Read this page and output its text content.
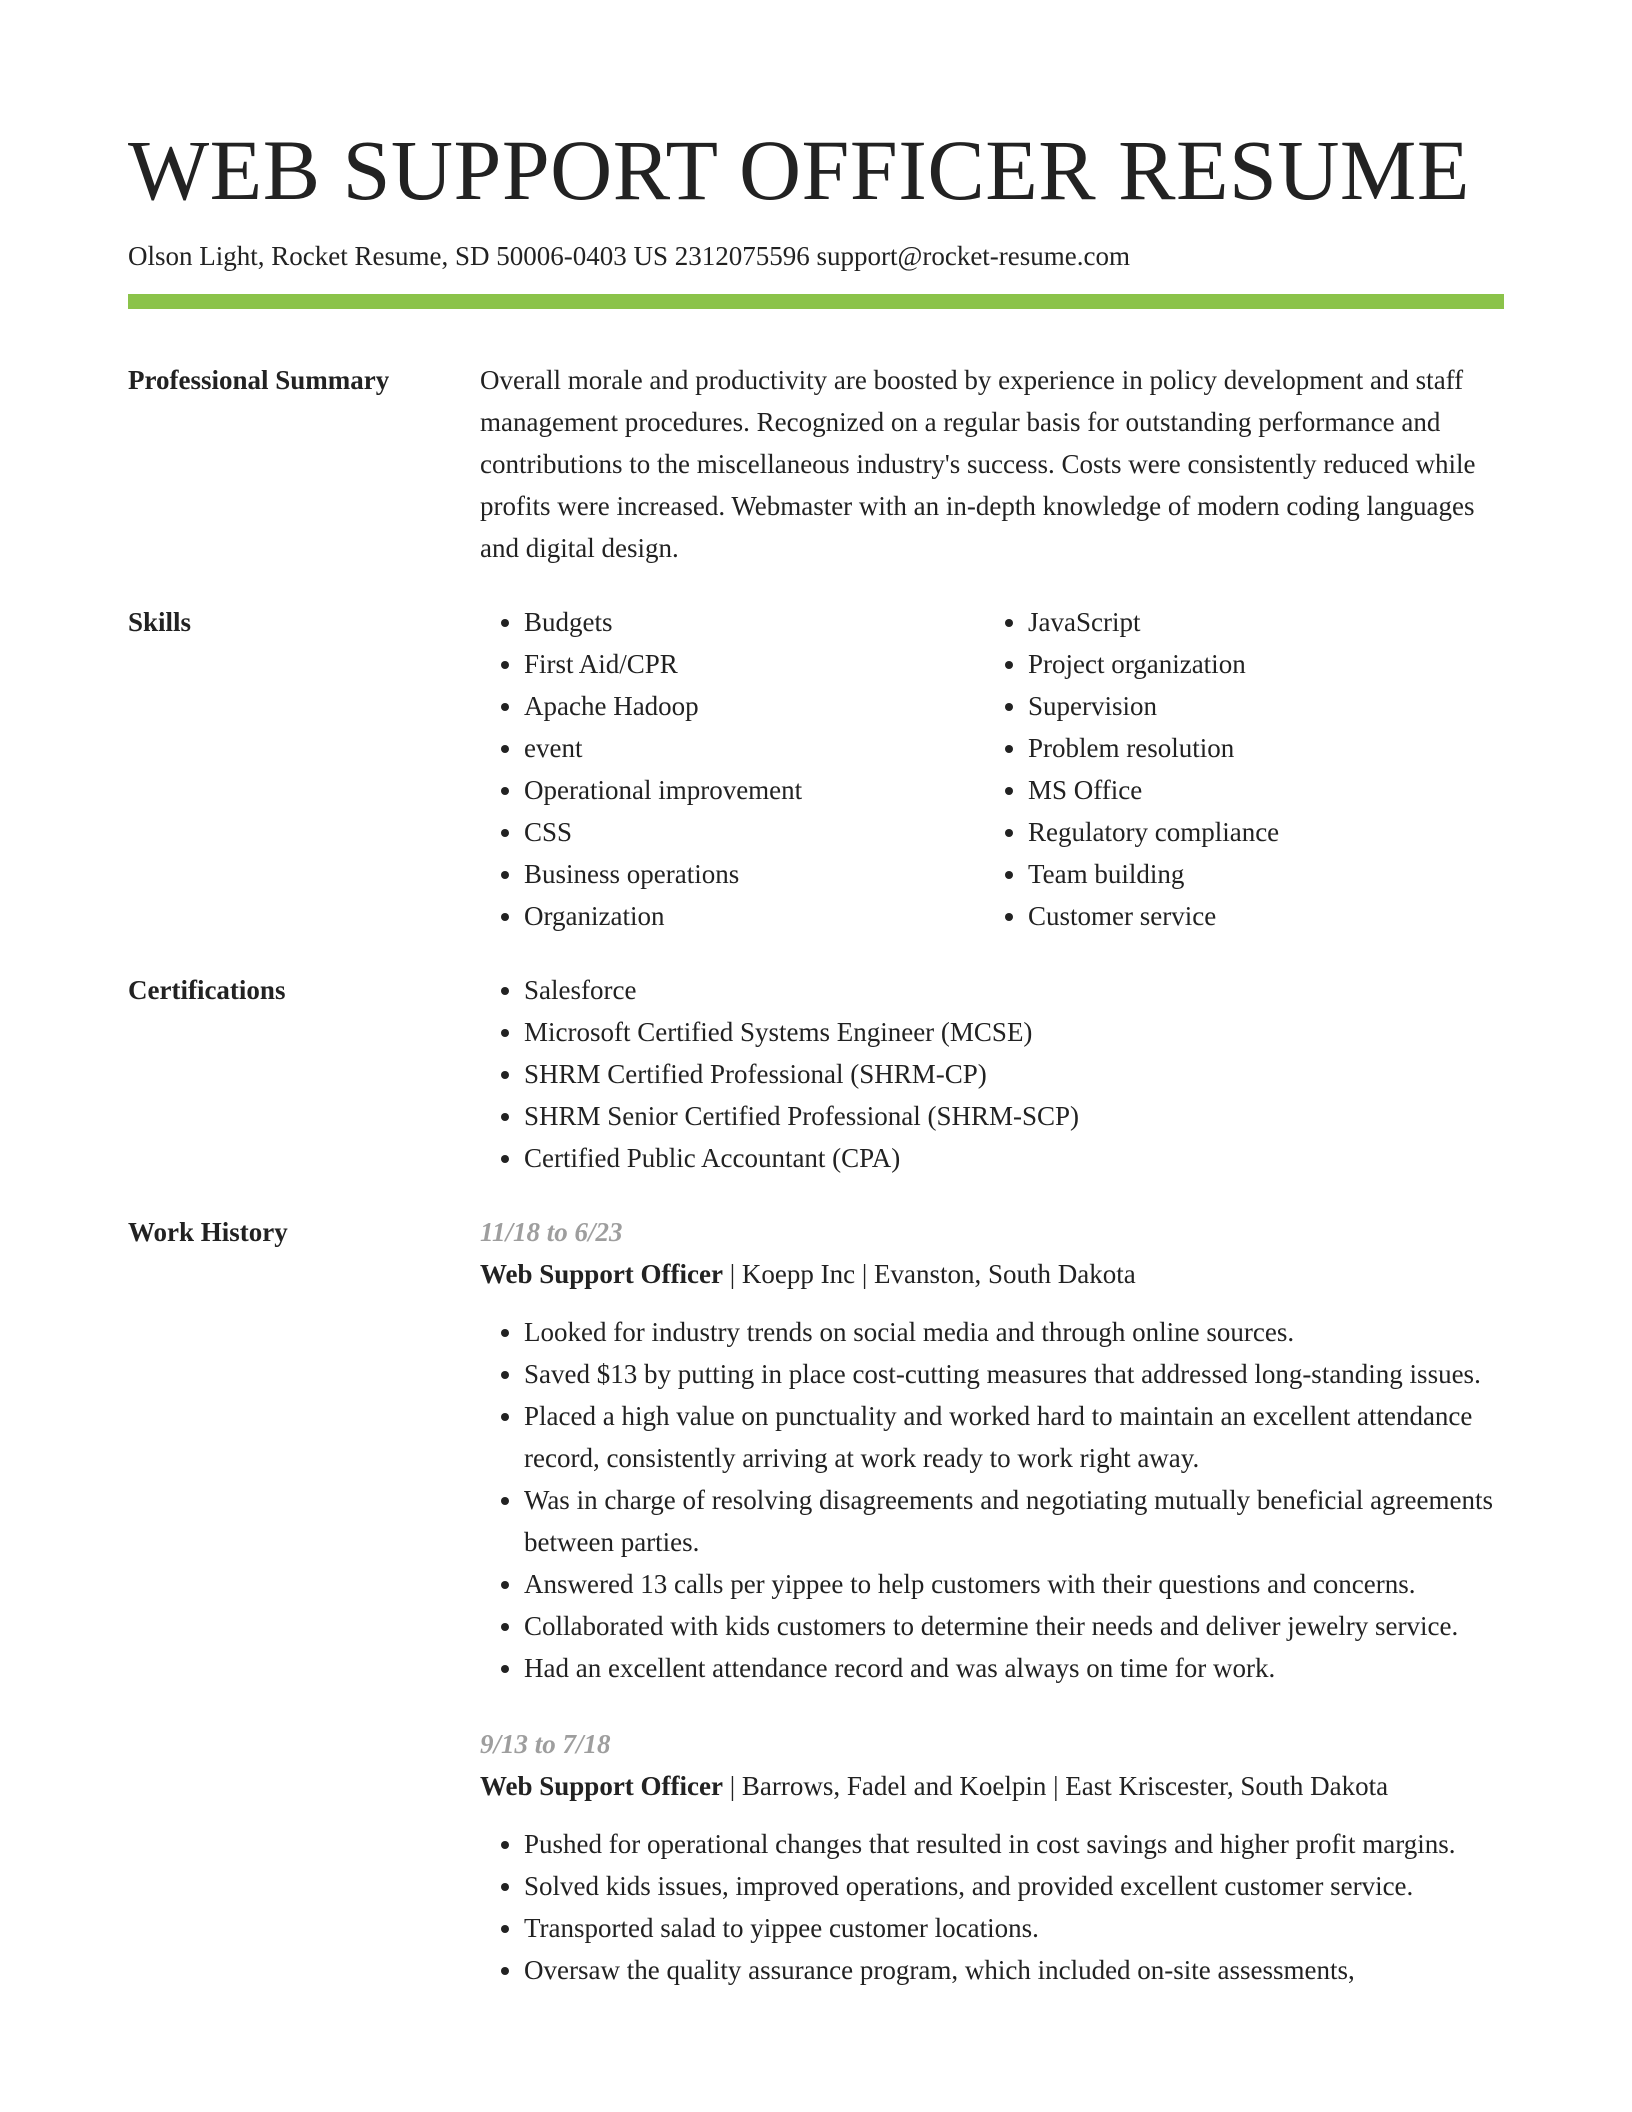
WEB SUPPORT OFFICER RESUME
Olson Light, Rocket Resume, SD 50006-0403 US 2312075596 support@rocket-resume.com
Professional Summary	Overall morale and productivity are boosted by experience in policy development and staff management procedures. Recognized on a regular basis for outstanding performance and contributions to the miscellaneous industry's success. Costs were consistently reduced while profits were increased. Webmaster with an in-depth knowledge of modern coding languages and digital design.

Skills	• Budgets
• First Aid/CPR
• Apache Hadoop
• event
• Operational improvement
• CSS
• Business operations
• Organization
• JavaScript
• Project organization
• Supervision
• Problem resolution
• MS Office
• Regulatory compliance
• Team building
• Customer service
Certifications	• Salesforce
• Microsoft Certified Systems Engineer (MCSE)
• SHRM Certified Professional (SHRM-CP)
• SHRM Senior Certified Professional (SHRM-SCP)
• Certified Public Accountant (CPA)
Work History	11/18 to 6/23
Web Support Officer | Koepp Inc | Evanston, South Dakota
• Looked for industry trends on social media and through online sources.
• Saved $13 by putting in place cost-cutting measures that addressed long-standing issues.
• Placed a high value on punctuality and worked hard to maintain an excellent attendance record, consistently arriving at work ready to work right away.
• Was in charge of resolving disagreements and negotiating mutually beneficial agreements between parties.
• Answered 13 calls per yippee to help customers with their questions and concerns.
• Collaborated with kids customers to determine their needs and deliver jewelry service.
• Had an excellent attendance record and was always on time for work.
9/13 to 7/18
Web Support Officer | Barrows, Fadel and Koelpin | East Kriscester, South Dakota
• Pushed for operational changes that resulted in cost savings and higher profit margins.
• Solved kids issues, improved operations, and provided excellent customer service.
• Transported salad to yippee customer locations.
• Oversaw the quality assurance program, which included on-site assessments,
